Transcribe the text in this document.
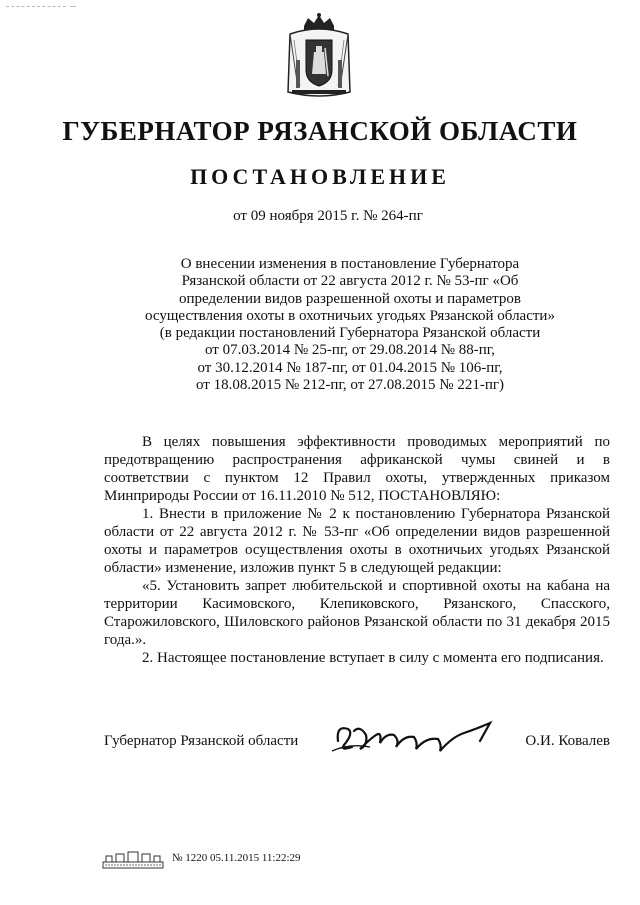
ГУБЕРНАТОР РЯЗАНСКОЙ ОБЛАСТИ
ПОСТАНОВЛЕНИЕ
от 09 ноября 2015 г. № 264-пг
О внесении изменения в постановление Губернатора
Рязанской области от 22 августа 2012 г. № 53-пг «Об
определении видов разрешенной охоты и параметров
осуществления охоты в охотничьих угодьях Рязанской области»
(в редакции постановлений Губернатора Рязанской области
от 07.03.2014 № 25-пг, от 29.08.2014 № 88-пг,
от 30.12.2014 № 187-пг, от 01.04.2015 № 106-пг,
от 18.08.2015 № 212-пг, от 27.08.2015 № 221-пг)

В целях повышения эффективности проводимых мероприятий по предотвращению распространения африканской чумы свиней и в соответствии с пунктом 12 Правил охоты, утвержденных приказом Минприроды России от 16.11.2010 № 512, ПОСТАНОВЛЯЮ:

1. Внести в приложение № 2 к постановлению Губернатора Рязанской области от 22 августа 2012 г. № 53-пг «Об определении видов разрешенной охоты и параметров осуществления охоты в охотничьих угодьях Рязанской области» изменение, изложив пункт 5 в следующей редакции:

«5. Установить запрет любительской и спортивной охоты на кабана на территории Касимовского, Клепиковского, Рязанского, Спасского, Старожиловского, Шиловского районов Рязанской области по 31 декабря 2015 года.».

2. Настоящее постановление вступает в силу с момента его подписания.

Губернатор Рязанской области	О.И. Ковалев
№ 1220 05.11.2015 11:22:29
